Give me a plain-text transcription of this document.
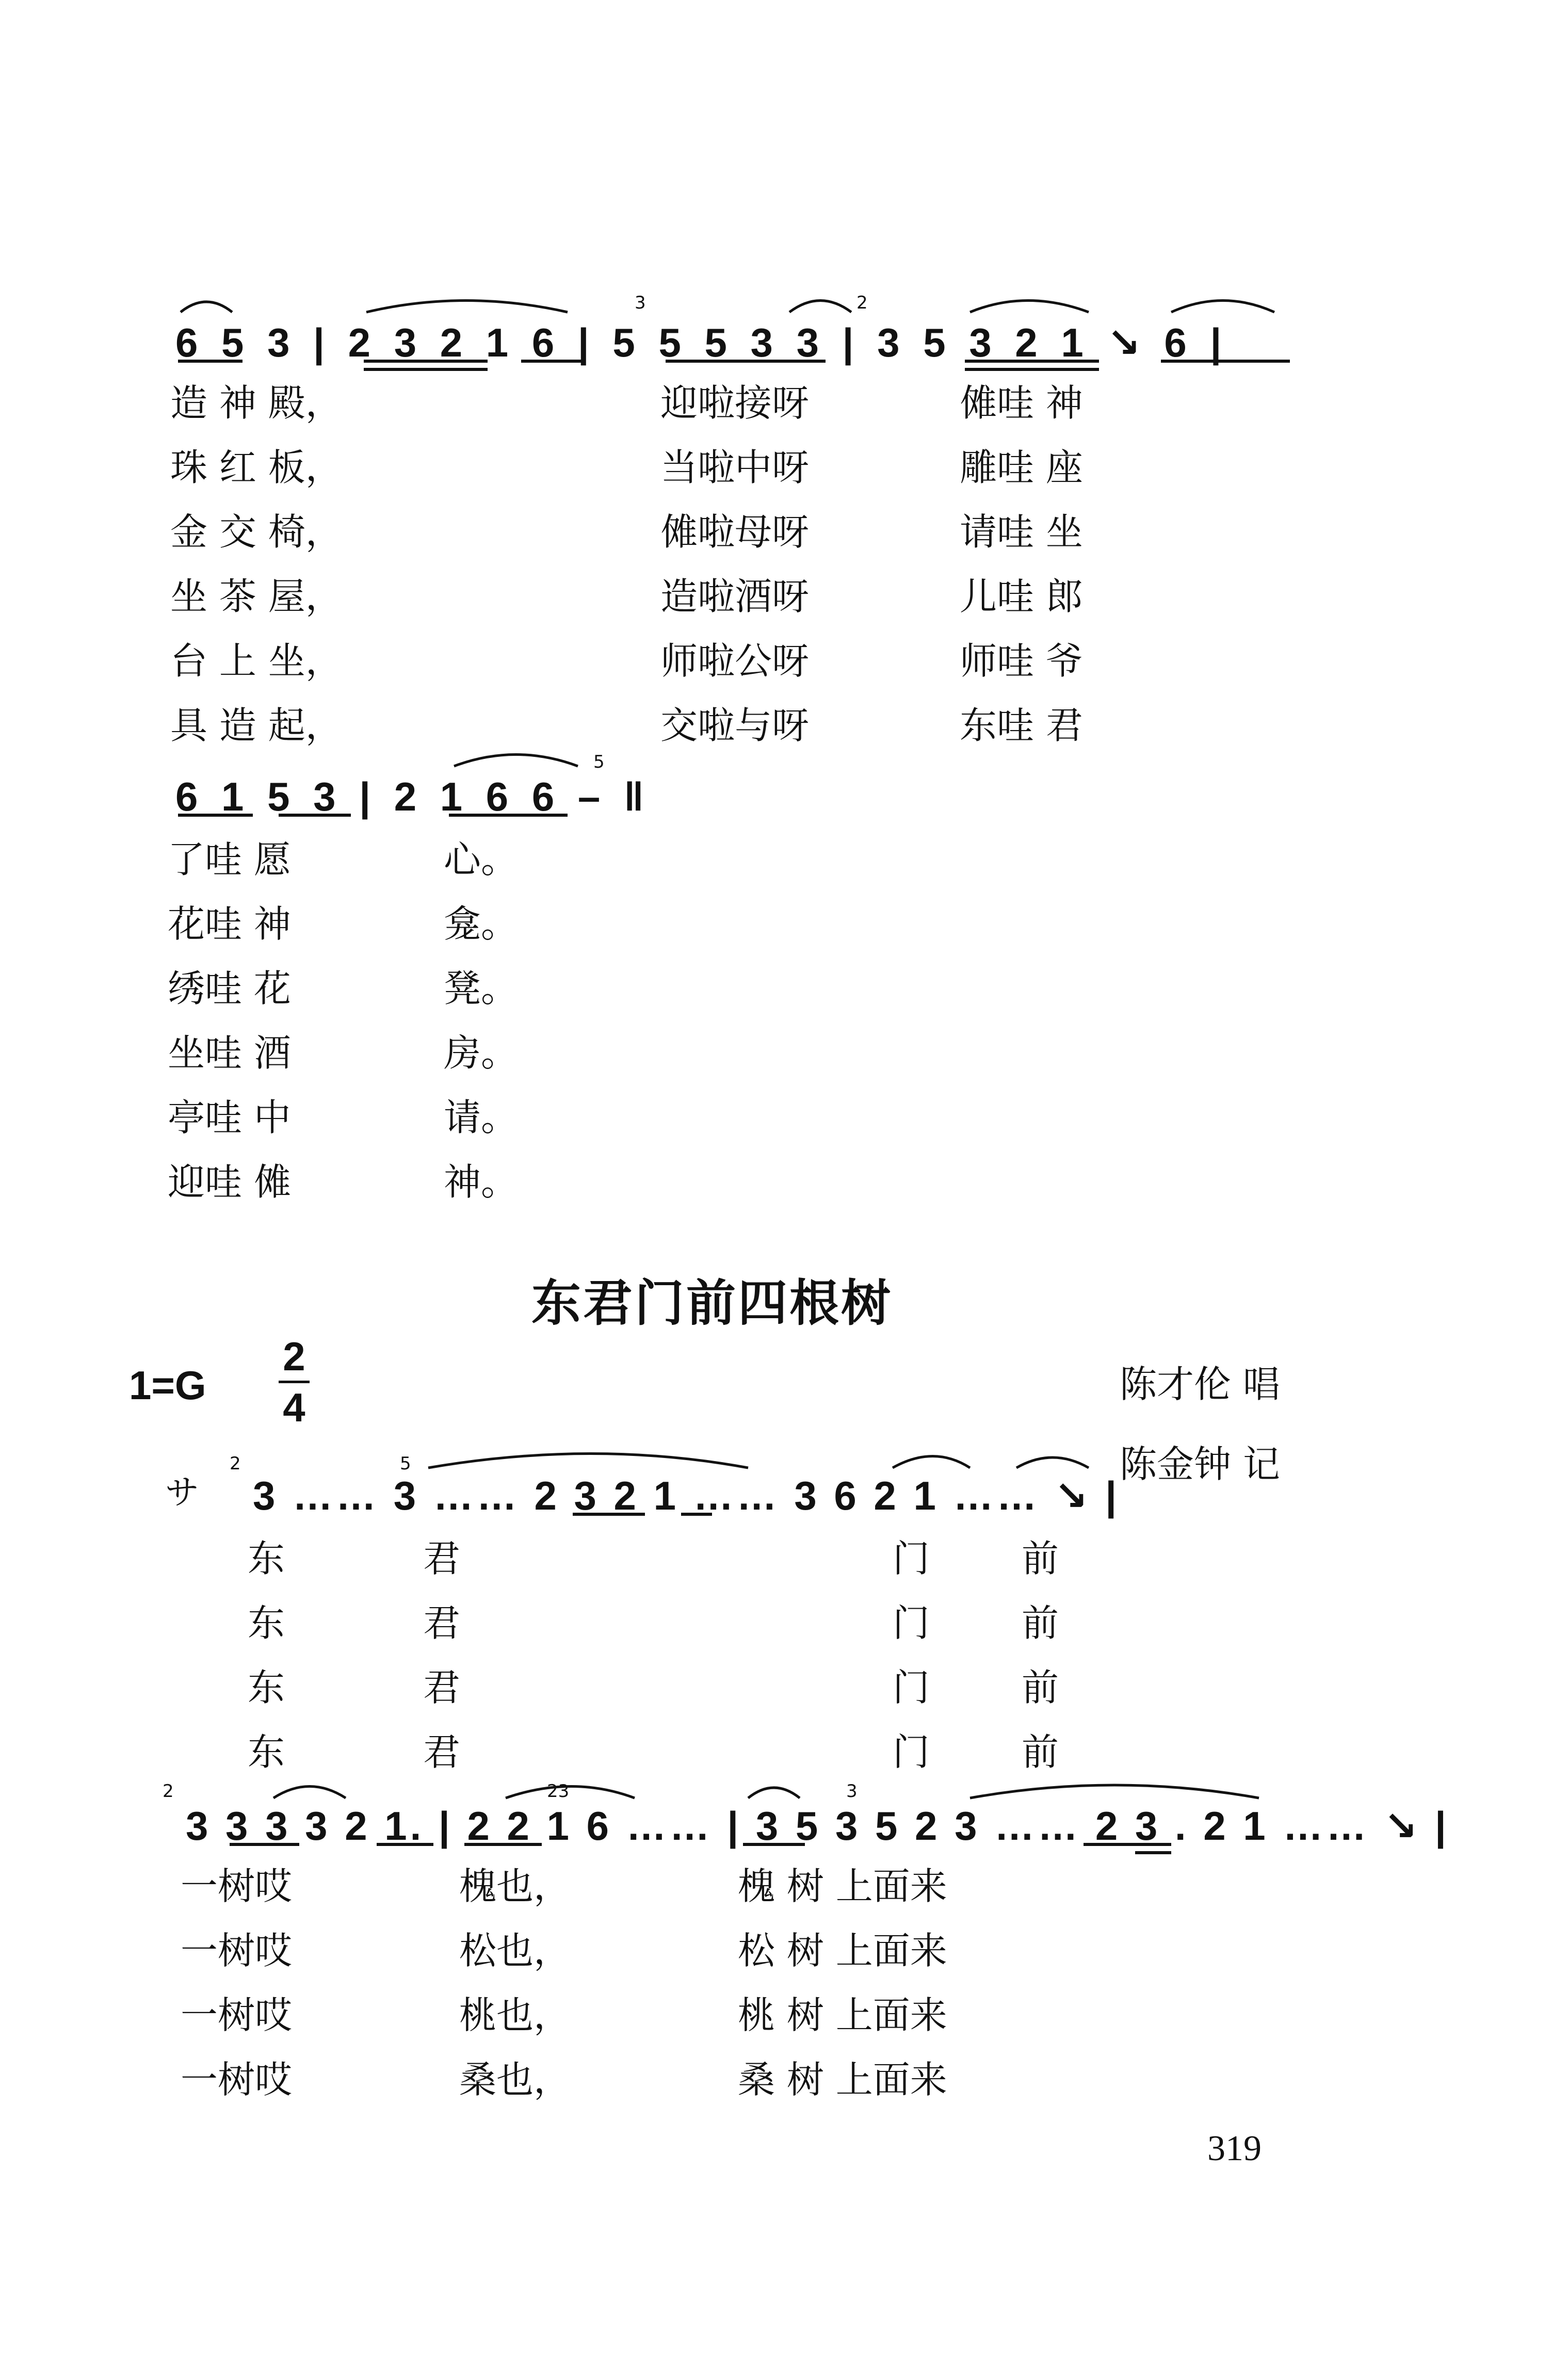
6 5 3 | 2 3 2 1 6 | 5 5 5 3 3 | 3 5 3 2 1 ↘ 6 |
3	2
造 神 殿，	迎啦接呀	傩哇 神
珠 红 板，	当啦中呀	雕哇 座
金 交 椅，	傩啦母呀	请哇 坐
坐 茶 屋，	造啦酒呀	儿哇 郎
台 上 坐，	师啦公呀	师哇 爷
具 造 起，	交啦与呀	东哇 君
6 1 5 3 | 2 1 6 6 – ‖
5
了哇 愿	心。
花哇 神	龛。
绣哇 花	凳。
坐哇 酒	房。
亭哇 中	请。
迎哇 傩	神。
东君门前四根树
1=G
2
4
陈才伦 唱
陈金钟 记
サ 3 …… 3 …… 2 3 2 1 …… 3 6 2 1 …… ↘ |
2	5
东	君	门 前
东	君	门 前
东	君	门 前
东	君	门 前
3 3 3 3 2 1. | 2 2 1 6 …… | 3 5 3 5 2 3 …… 2 3 . 2 1 …… ↘ |
2	23	3
一树哎	槐也，	槐 树 上面来
一树哎	松也，	松 树 上面来
一树哎	桃也，	桃 树 上面来
一树哎	桑也，	桑 树 上面来
319
